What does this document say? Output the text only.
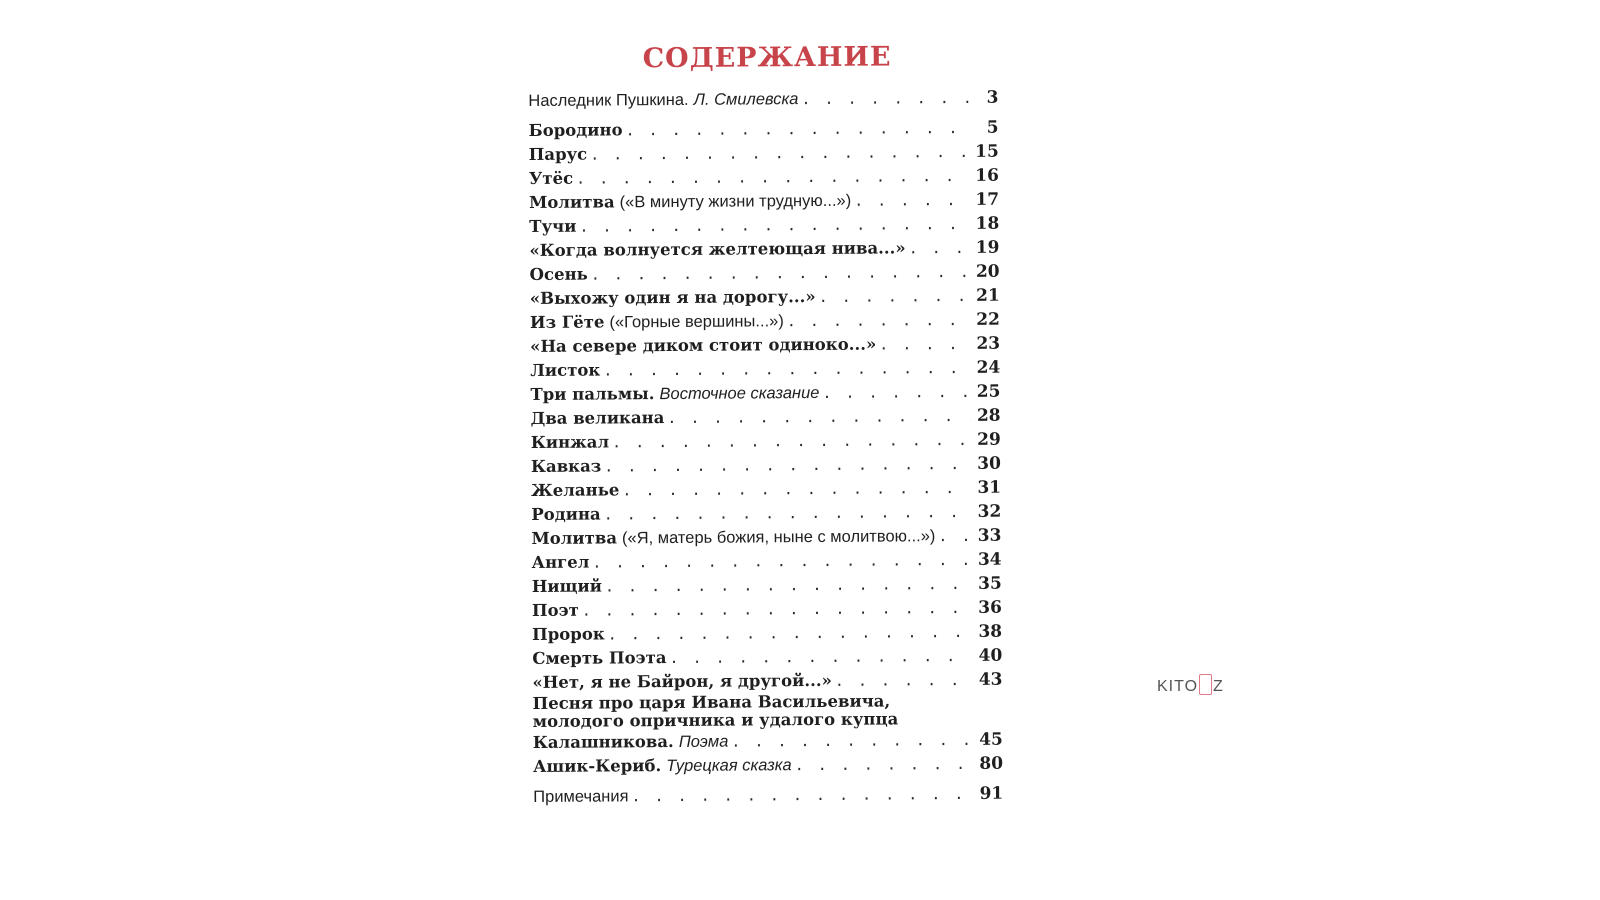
СОДЕРЖАНИЕ
Наследник Пушкина. Л. Смилевска . . .	3
Бородино . . .	5
Парус . . .	15
Утёс . . .	16
Молитва («В минуту жизни трудную...») . . .	17
Тучи . . .	18
«Когда волнуется желтеющая нива...» . . .	19
Осень . . .	20
«Выхожу один я на дорогу...» . . .	21
Из Гёте («Горные вершины...») . . .	22
«На севере диком стоит одиноко...» . . .	23
Листок . . .	24
Три пальмы. Восточное сказание . . .	25
Два великана . . .	28
Кинжал . . .	29
Кавказ . . .	30
Желанье . . .	31
Родина . . .	32
Молитва («Я, матерь божия, ныне с молитвою...») . . . 33
Ангел . . .	34
Нищий . . .	35
Поэт . . .	36
Пророк . . .	38
Смерть Поэта . . .	40
«Нет, я не Байрон, я другой...» . . .	43
Песня про царя Ивана Васильевича,
молодого опричника и удалого купца
Калашникова. Поэма . . .	45
Ашик-Кериб. Турецкая сказка . . .	80
Примечания . . .	91
KITO Z
